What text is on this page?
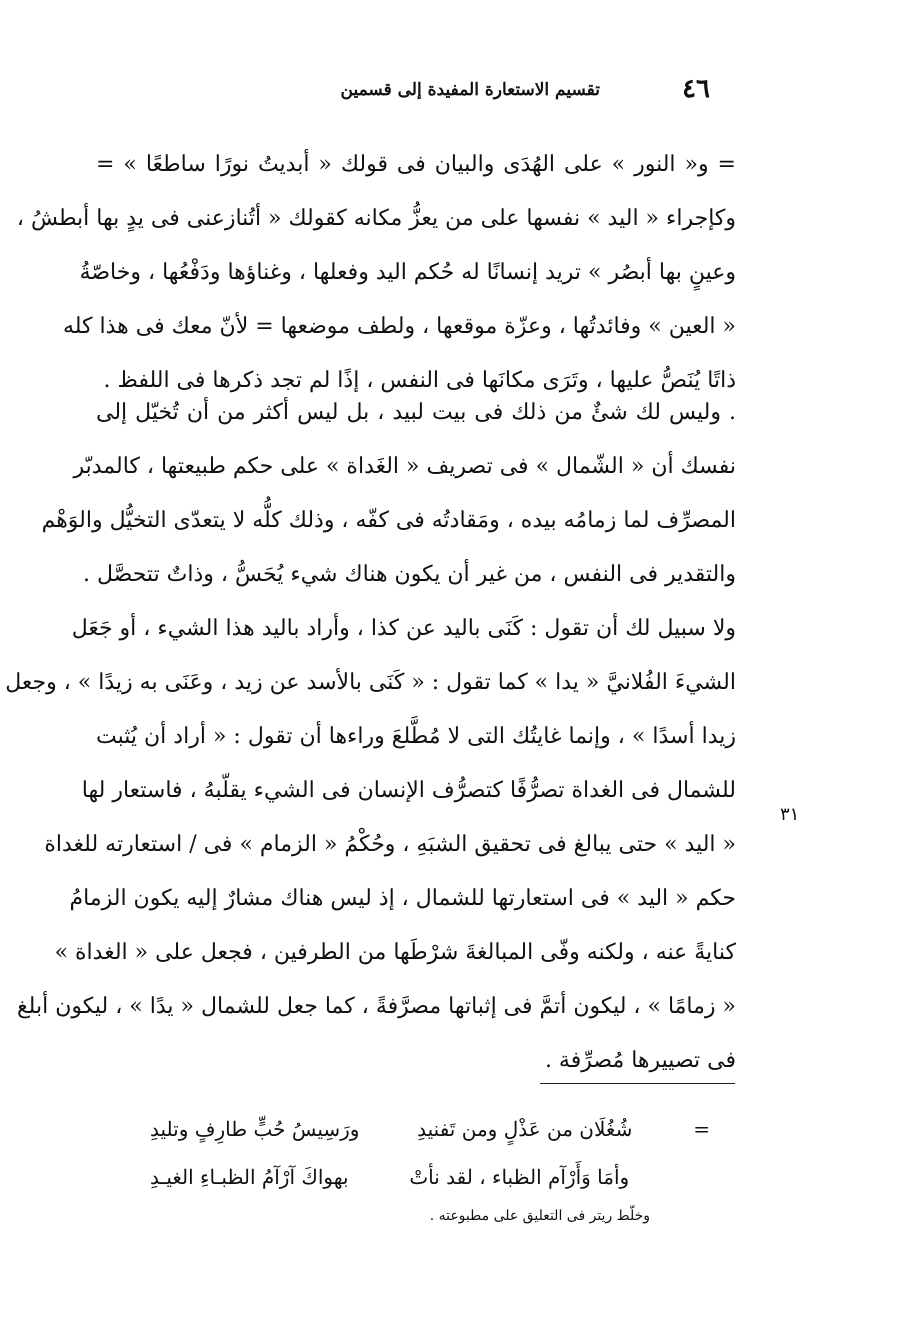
٤٦
تقسيم الاستعارة المفيدة إلى قسمين
= و« النور » على الهُدَى والبيان فى قولك « أبديتُ نورًا ساطعًا » =
وكإجراء « اليد » نفسها على من يعزُّ مكانه كقولك « أتُنازعنى فى يدٍ بها أبطشُ ،
وعينٍ بها أبصُر » تريد إنسانًا له حُكم اليد وفعلها ، وغناؤها ودَفْعُها ، وخاصّةُ
« العين » وفائدتُها ، وعزّة موقعها ، ولطف موضعها = لأنّ معك فى هذا كله
ذاتًا يُنَصُّ عليها ، وتَرَى مكانَها فى النفس ، إذًا لم تجد ذكرها فى اللفظ .
. وليس لك شئٌ من ذلك فى بيت لبيد ، بل ليس أكثر من أن تُخيّل إلى
نفسك أن « الشّمال » فى تصريف « الغَداة » على حكم طبيعتها ، كالمدبّر
المصرِّف لما زمامُه بيده ، ومَقادتُه فى كفّه ، وذلك كلُّه لا يتعدّى التخيُّل والوَهْم
والتقدير فى النفس ، من غير أن يكون هناك شيء يُحَسُّ ، وذاتٌ تتحصَّل .
ولا سبيل لك أن تقول : كَنَى باليد عن كذا ، وأراد باليد هذا الشيء ، أو جَعَل
الشيءَ الفُلانيَّ « يدا » كما تقول : « كَنَى بالأسد عن زيد ، وعَنَى به زيدًا » ، وجعل
زيدا أسدًا » ، وإنما غايتُك التى لا مُطَّلعَ وراءها أن تقول : « أراد أن يُثبت
للشمال فى الغداة تصرُّفًا كتصرُّف الإنسان فى الشيء يقلّبهُ ، فاستعار لها
« اليد » حتى يبالغ فى تحقيق الشبَهِ ، وحُكْمُ « الزمام » فى / استعارته للغداة
حكم « اليد » فى استعارتها للشمال ، إذ ليس هناك مشارٌ إليه يكون الزمامُ
كنايةً عنه ، ولكنه وفّى المبالغةَ شرْطَها من الطرفين ، فجعل على « الغداة »
« زمامًا » ، ليكون أتمَّ فى إثباتها مصرَّفةً ، كما جعل للشمال « يدًا » ، ليكون أبلغ
فى تصييرها مُصرِّفة .
٣١
=
شُغُلَان من عَذْلٍ ومن تَفنيدِ
ورَسِيسُ حُبٍّ طارِفٍ وتليدِ
وأمَا وَأَرْآم الظباء ، لقد نأتْ
بهواكَ آرْآمُ الظبـاءِ الغيـدِ
وخلّط ريتر فى التعليق على مطبوعته .
